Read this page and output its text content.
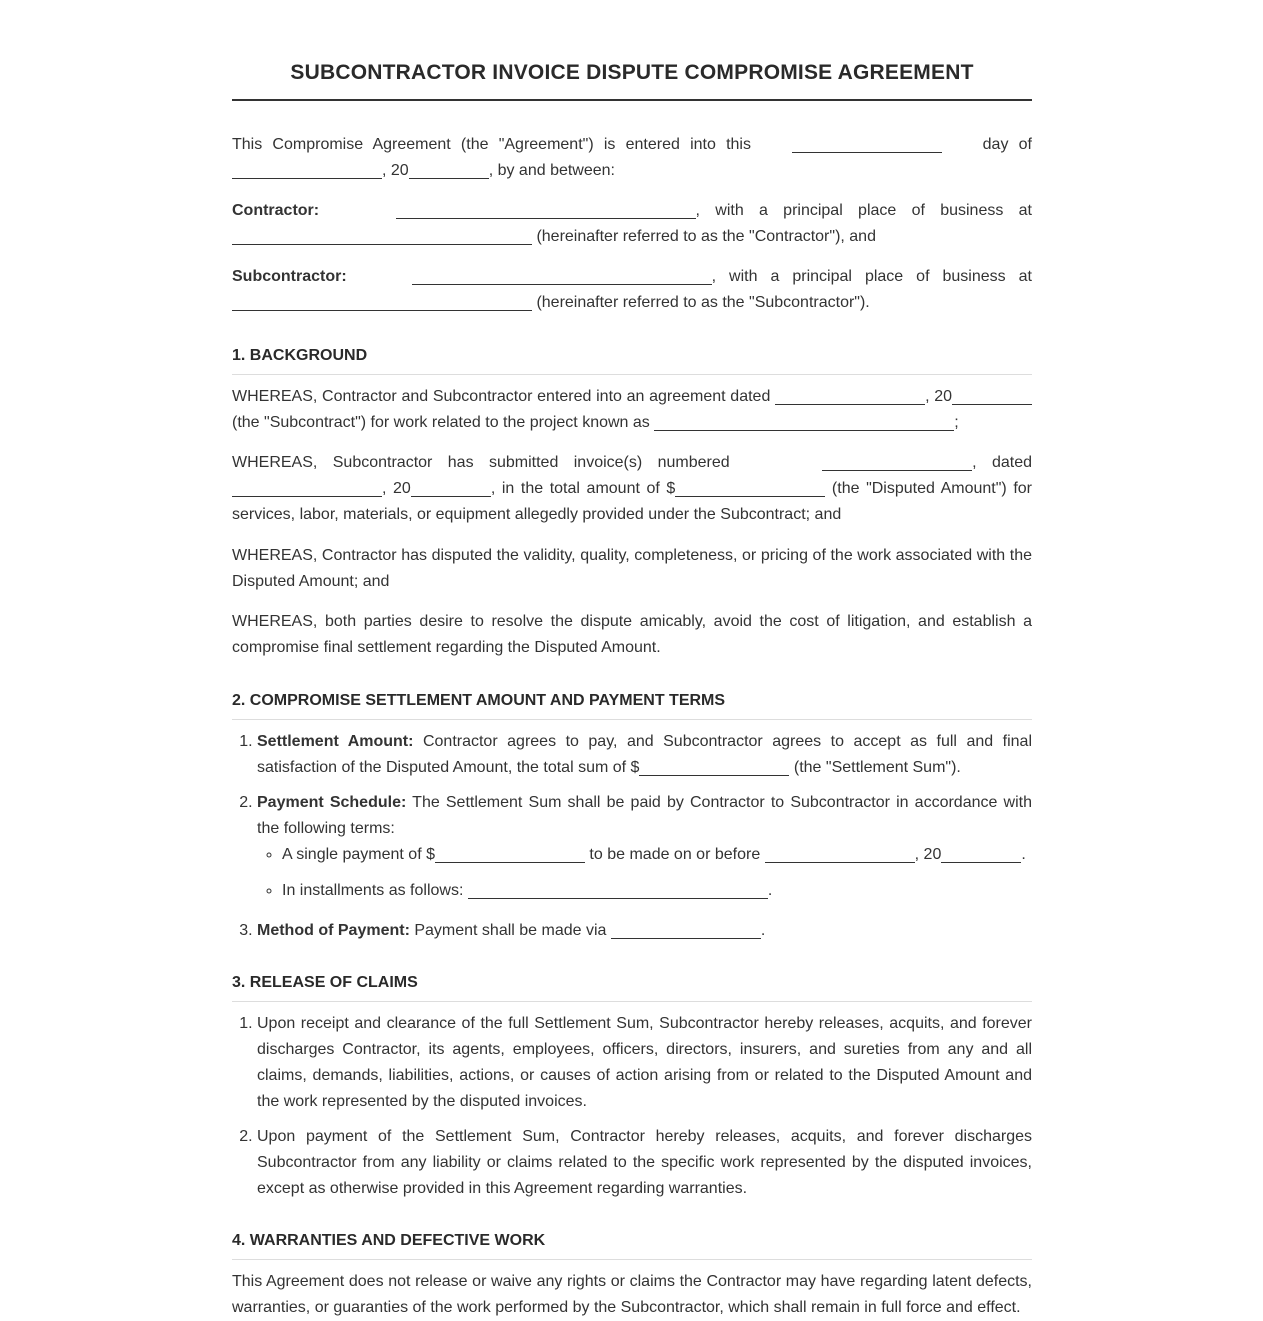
SUBCONTRACTOR INVOICE DISPUTE COMPROMISE AGREEMENT

This Compromise Agreement (the "Agreement") is entered into this	day of , 20	, by and between:

Contractor:	, with a principal place of business at  (hereinafter referred to as the "Contractor"), and

Subcontractor:	, with a principal place of business at  (hereinafter referred to as the "Subcontractor").

1. BACKGROUND

WHEREAS, Contractor and Subcontractor entered into an agreement dated	, 20 (the "Subcontract") for work related to the project known as	;

WHEREAS, Subcontractor has submitted invoice(s) numbered	, dated , 20	, in the total amount of $	(the "Disputed Amount") for services, labor, materials, or equipment allegedly provided under the Subcontract; and

WHEREAS, Contractor has disputed the validity, quality, completeness, or pricing of the work associated with the Disputed Amount; and

WHEREAS, both parties desire to resolve the dispute amicably, avoid the cost of litigation, and establish a compromise final settlement regarding the Disputed Amount.

2. COMPROMISE SETTLEMENT AMOUNT AND PAYMENT TERMS
1. Settlement Amount: Contractor agrees to pay, and Subcontractor agrees to accept as full and final satisfaction of the Disputed Amount, the total sum of $	(the "Settlement Sum").
2. Payment Schedule: The Settlement Sum shall be paid by Contractor to Subcontractor in accordance with the following terms:
◦ A single payment of $	to be made on or before	, 20	.
◦ In installments as follows:	.
3. Method of Payment: Payment shall be made via	.
3. RELEASE OF CLAIMS
1. Upon receipt and clearance of the full Settlement Sum, Subcontractor hereby releases, acquits, and forever discharges Contractor, its agents, employees, officers, directors, insurers, and sureties from any and all claims, demands, liabilities, actions, or causes of action arising from or related to the Disputed Amount and the work represented by the disputed invoices.
2. Upon payment of the Settlement Sum, Contractor hereby releases, acquits, and forever discharges Subcontractor from any liability or claims related to the specific work represented by the disputed invoices, except as otherwise provided in this Agreement regarding warranties.
4. WARRANTIES AND DEFECTIVE WORK

This Agreement does not release or waive any rights or claims the Contractor may have regarding latent defects, warranties, or guaranties of the work performed by the Subcontractor, which shall remain in full force and effect.
